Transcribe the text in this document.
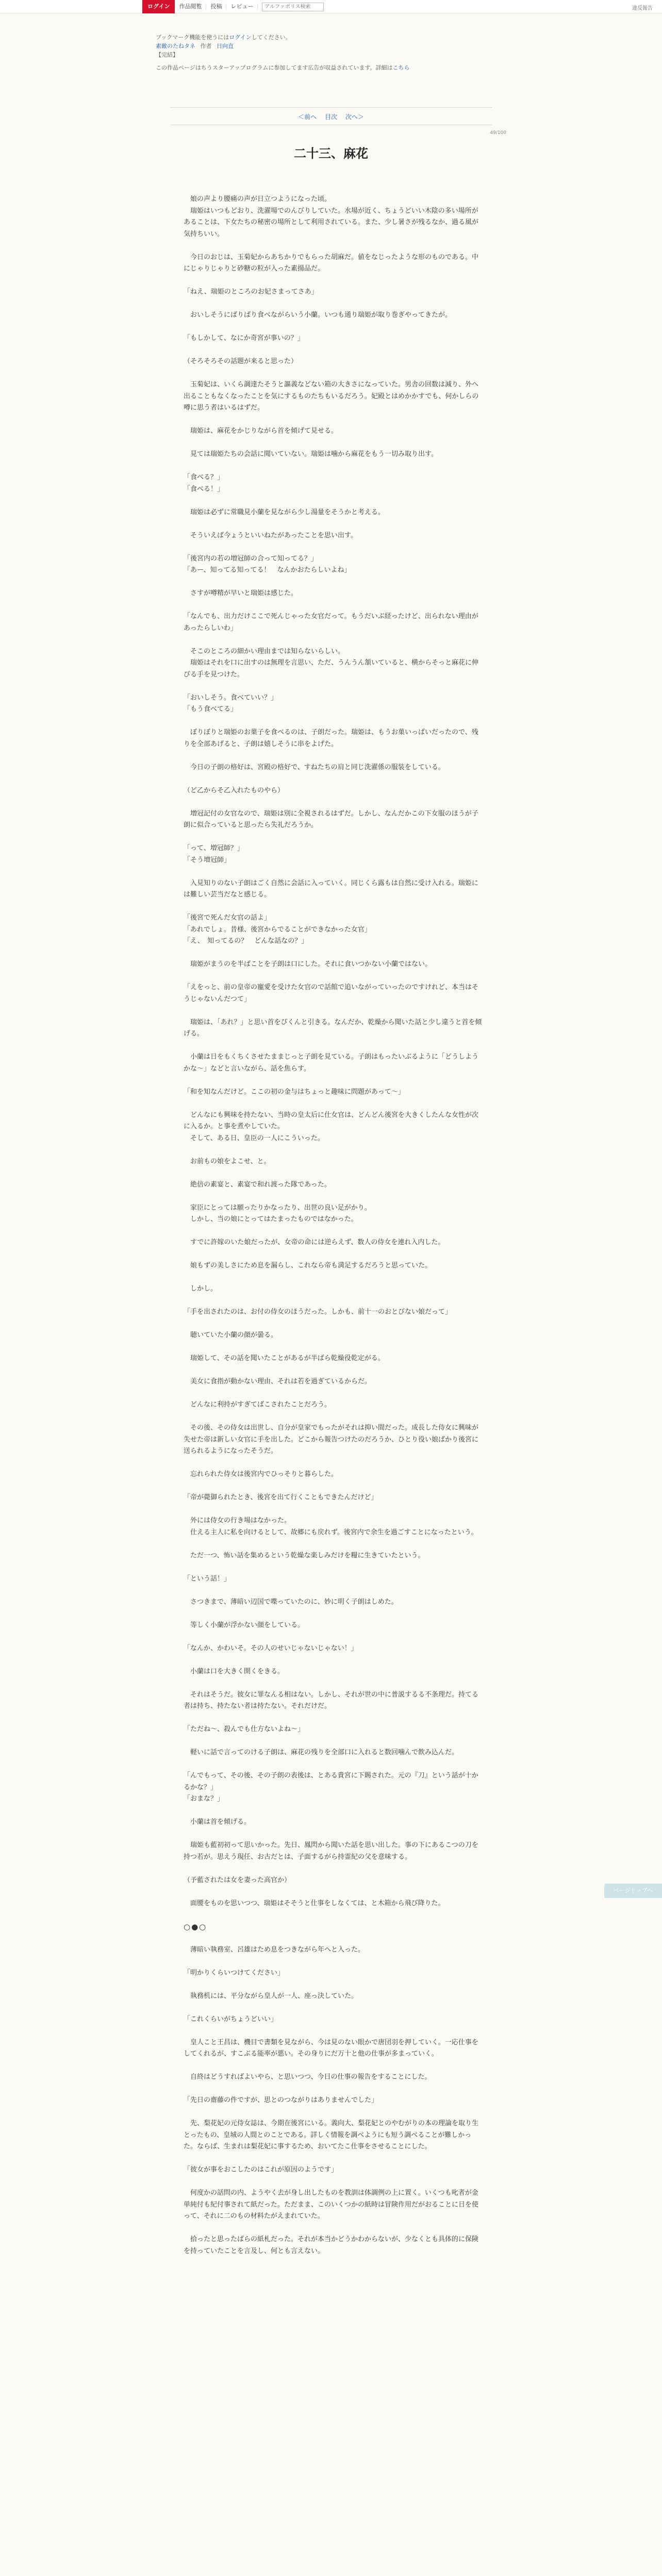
ログイン	作品閲覧	投稿	レビュー
アルファポリス検索	違反報告
ブックマーク機能を使うにはログインしてください。
素敵のたねタネ 作者 日向直
【完結】
この作品ページはちうスターアップログラムに参加してます広告が収益されています。詳細はこちら
＜前へ 目次 次へ＞
49/100
二十三、麻花
　娘の声より腰痛の声が日立つようになった頃。
　瑞姫はいつもどおり、洗濯場でのんびりしていた。水場が近く、ちょうどいい木陰の多い場所があることは、下女たちの秘密の場所として利用されている。また、少し暑さが残るなか、過る風が気持ちいい。
　今日のおじは、玉菊妃からあちかりでもらった胡麻だ。値をなじったような形のものである。中にじゃりじゃりと砂糖の粒が入った素揚品だ。
「ねえ、瑞姫のところのお妃さまってさあ」
　おいしそうにばりばり食べながらいう小蘭。いつも通り瑞姫が取り巻ぎやってきたが。
「もしかして、なにか奇宮が事いの？」
（そろそろその話題が来ると思った）
　玉菊妃は、いくら調達たそうと謳義などない箱の大きさになっていた。男舎の回数は減り、外へ出ることもなくなったことを気にするものたちもいるだろう。妃殿とはめかかすでも、何かしらの噂に思う者はいるはずだ。
　瑞姫は、麻花をかじりながら首を傾げて見せる。
　見ては瑞姫たちの会話に聞いていない。瑞姫は噛から麻花をもう一切み取り出す。
「食べる？」
「食べる！」
　瑞姫は必ずに常職見小蘭を見ながら少し湯量をそうかと考える。
　そういえば今ょうといいねたがあったことを思い出す。
「後宮内の若の増冠師の合って知ってる？」
「あー、知ってる知ってる！　なんかおたらしいよね」
　さすが噂精が早いと瑞姫は感じた。
「なんでも、出力だけここで死んじゃった女官だって。もうだいぶ経ったけど、出られない理由があったらしいわ」
　そこのところの細かい理由までは知らないらしい。
　瑞姫はそれを口に出すのは無理を言思い、ただ、うんうん頷いていると、横からそっと麻花に伸びる手を見つけた。
「おいしそう。食べていい？」
「もう食べてる」
　ぼりぼりと瑞姫のお菓子を食べるのは、子朗だった。瑞姫は、もうお菓いっぱいだったので、残りを全部あげると、子朗は嬉しそうに串をよげた。
　今日の子朗の格好は、宮殿の格好で、すねたちの肩と同じ洗濯係の服装をしている。
（ど乙からそ乙入れたものやら）
　増冠記付の女官なので、瑞姫は別に全視されるはずだ。しかし、なんだかこの下女服のほうが子朗に似合っていると思ったら失礼だろうか。
「って、増冠師？」
「そう増冠師」
　入見知りのない子朗はごく自然に会話に入っていく。同じくら露もは自然に受け入れる。瑞姫には難しい芸当だなと感じる。
「後宮で死んだ女官の話よ」
「あれでしょ。昔様、後宮からでることができなかった女官」
「え、　知ってるの？　どんな話なの？」
　瑞姫がまうのを半ばことを子朗は口にした。それに食いつかない小蘭ではない。
「えをっと、前の皇帝の寵愛を受けた女官ので話館で追いながっていったのですけれど、本当はそうじゃないんだつて」
　瑞姫は、「あれ？」と思い首をぴくんと引きる。なんだか、乾燥から聞いた話と少し違うと首を傾げる。
　小蘭は日をもくちくさせたままじっと子朗を見ている。子朗はもったいぶるように「どうしようかな～」などと言いながら、話を焦らす。
「和を知なんだけど。ここの初の金与はちょっと趣味に問題があって～」
　どんなにも興味を持たない、当時の皇太后に仕女官は、どんどん後宮を大きくしたんな女性が次に入るか。と事を煮やしていた。
　そして、ある日、皇臣の一人にこういった。
　お前もの娘をよこせ、と。
　絶倍の素宴と、素宴で和れ渡った隊であった。
　家臣にとっては願ったりかなったり、出世の良い足がかり。
　しかし、当の娘にとってはたまったものではなかった。
　すでに許嫁のいた娘だったが、女帝の命には逆らえず、数人の侍女を連れ入内した。
　娘もずの美しさにため息を漏らし、これなら帝も満足するだろうと思っていた。
　しかし。
「手を出されたのは、お付の侍女のほうだった。しかも、前十一のおとびない娘だって」
　聴いていた小蘭の顔が曇る。
　瑞姫して、その話を聞いたことがあるが半ばら乾燥役乾定がる。
　美女に食指が動かない理由、それは若を過ぎているからだ。
　どんなに利持がすぎてばこされたことだろう。
　その後、その侍女は出世し、自分が皇家でもったがそれは抑い間だった。成長した侍女に興味が失せた帝は新しい女官に手を出した。どこから報告つけたのだろうか、ひとり役い娘ばかり後宮に送られるようになったそうだ。
　忘れられた侍女は後宮内でひっそりと暮らした。
「帝が薨御られたとき、後宮を出て行くこともできたんだけど」
　外には侍女の行き場はなかった。
　仕える主人に私を向けるとして、故郷にも戻れず。後宮内で余生を過ごすことになったという。
　ただ一つ、怖い話を集めるという乾燥な楽しみだけを糧に生きていたという。
「という話！」
　さつきまで、薄暗い辺国で喋っていたのに、妙に明く子朗はしめた。
　等しく小蘭が浮かない顔をしている。
「なんか、かわいそ。その人のせいじゃないじゃない！」
　小蘭は口を大きく開くをきる。
　それはそうだ。彼女に罪なんる相はない。しかし、それが世の中に普説するる不条理だ。持てる者は持ち、持たない者は持たない。それだけだ。
「ただね～、殺んでも仕方ないよね～」
　軽いに話で言ってのける子朗は、麻花の残りを全部口に入れると数回噛んで飲み込んだ。
「んでもって、その後、その子朗の表後は、とある貴宮に下賜された。元の『刀』という話が十かるかな？」
「おまな？」
　小蘭は首を傾げる。
　瑞姫も藍初初って思いかった。先日、鳳閃から聞いた話を思い出した。事の下にあるこつの刀を持つ若が。思えう現任、お古だとは、子面するがら持霊紀の父を意味する。
（予藍されたは女を妻った高官か）
　面腰をものを思いつつ、瑞姫はそそうと仕事をしなくては、と木箱から飛び降りた。
○●○
　薄暗い執務室、呂雄はため息をつきながら年へと入った。
「明かりくらいつけてください」
　執務机には、平分ながら皇人が一人、座っ決していた。
「これくらいがちょうどいい」
　皇人こと王昌は、機目で書類を見ながら、今は見のない眼かで唐団羽を押していく。一応仕事をしてくれるが、すこぶる能率が悪い。その身りにだ万十と他の仕事が多まっていく。
　自終はどうすればよいやら、と思いつつ、今日の仕事の報告をすることにした。
「先日の齋藤の件ですが、思とのつながりはありませんでした」
　先、梨花妃の元侍女誌は、今期在後宮にいる。義向大、梨花妃とのやむがりの本の理論を取り生とったもの、皇城の人間とのことである。詳しく情報を調べようにも短う調べることが難しかった。ならば、生まれは梨花妃に事するため、おいてたこ仕事をさせることにした。
「彼女が事をおこしたのはこれが原因のようです」
　何度かの話問の内、ようやく去が身し出したものを教訓は体調例の上に置く。いくつも叱者が金単純付も紀付事されて紙だった。ただまま、このいくつかの紙時は冒険作用だがおることに日を使って、それに二のもの材料たがえまれていた。
　拾ったと思ったばらの紙札だった。それが本当かどうかわからないが、少なくとも具体的に保険を持っていたことを言及し、何とも言えない。
ページトップへ
